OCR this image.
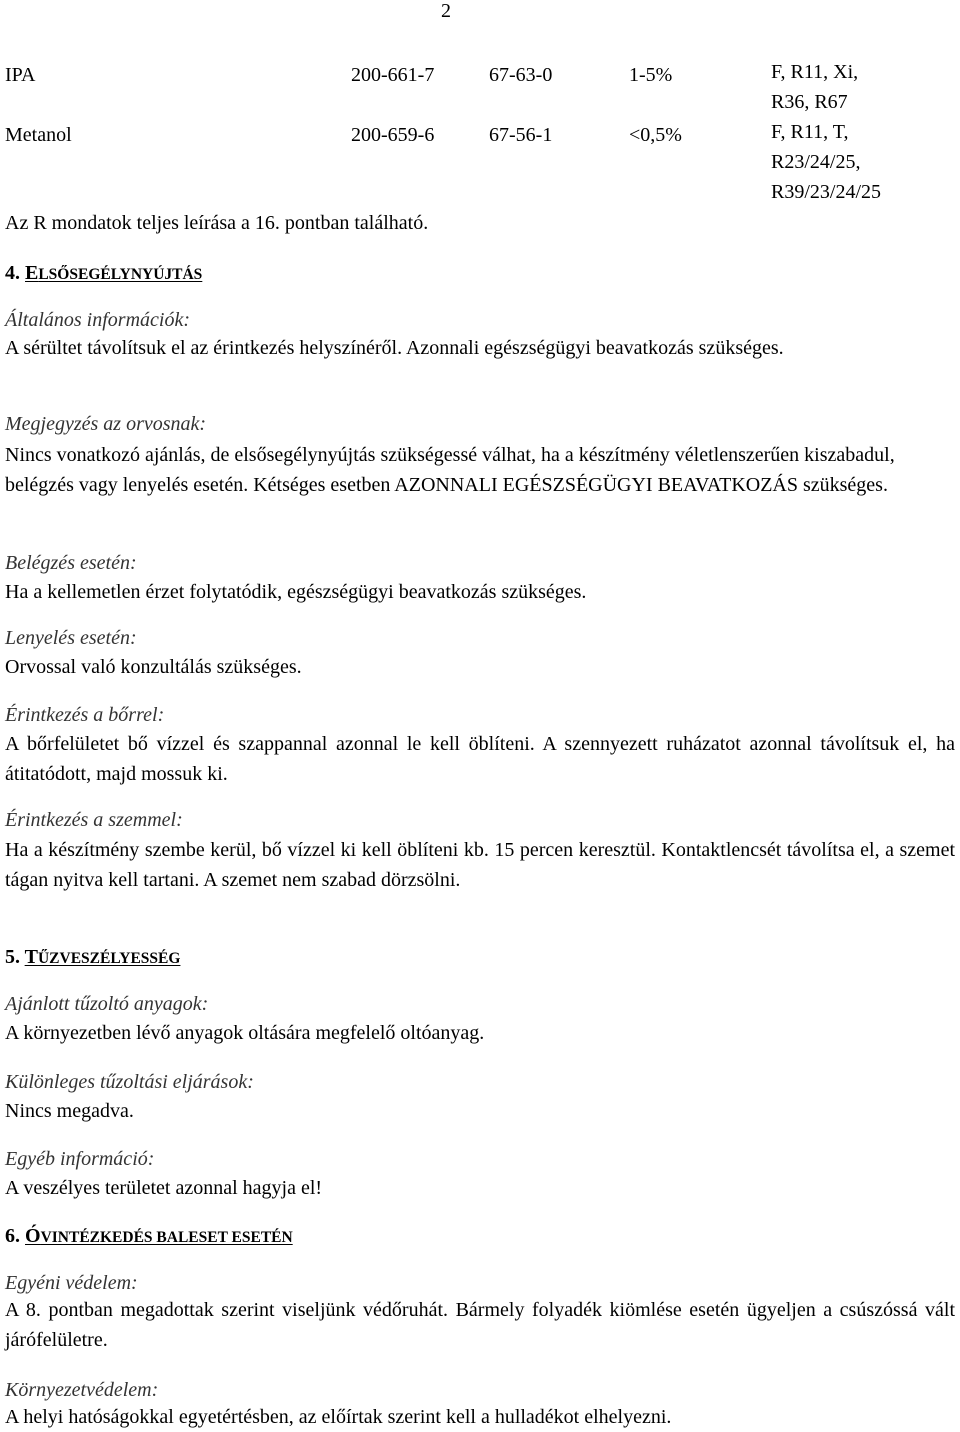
2
IPA	200-661-7	67-63-0	1-5%	F, R11, Xi,
R36, R67
Metanol	200-659-6	67-56-1	<0,5%	F, R11, T,
R23/24/25,
R39/23/24/25
Az R mondatok teljes leírása a 16. pontban található.
4. ELSŐSEGÉLYNYÚJTÁS
Általános információk:
A sérültet távolítsuk el az érintkezés helyszínéről. Azonnali egészségügyi beavatkozás szükséges.
Megjegyzés az orvosnak:
Nincs vonatkozó ajánlás, de elsősegélynyújtás szükségessé válhat, ha a készítmény véletlenszerűen kiszabadul, belégzés vagy lenyelés esetén. Kétséges esetben AZONNALI EGÉSZSÉGÜGYI BEAVATKOZÁS szükséges.
Belégzés esetén:
Ha a kellemetlen érzet folytatódik, egészségügyi beavatkozás szükséges.
Lenyelés esetén:
Orvossal való konzultálás szükséges.
Érintkezés a bőrrel:
A bőrfelületet bő vízzel és szappannal azonnal le kell öblíteni. A szennyezett ruházatot azonnal távolítsuk el, ha átitatódott, majd mossuk ki.
Érintkezés a szemmel:
Ha a készítmény szembe kerül, bő vízzel ki kell öblíteni kb. 15 percen keresztül. Kontaktlencsét távolítsa el, a szemet tágan nyitva kell tartani. A szemet nem szabad dörzsölni.
5. TŰZVESZÉLYESSÉG
Ajánlott tűzoltó anyagok:
A környezetben lévő anyagok oltására megfelelő oltóanyag.
Különleges tűzoltási eljárások:
Nincs megadva.
Egyéb információ:
A veszélyes területet azonnal hagyja el!
6. ÓVINTÉZKEDÉS BALESET ESETÉN
Egyéni védelem:
A 8. pontban megadottak szerint viseljünk védőruhát. Bármely folyadék kiömlése esetén ügyeljen a csúszóssá vált járófelületre.
Környezetvédelem:
A helyi hatóságokkal egyetértésben, az előírtak szerint kell a hulladékot elhelyezni.
